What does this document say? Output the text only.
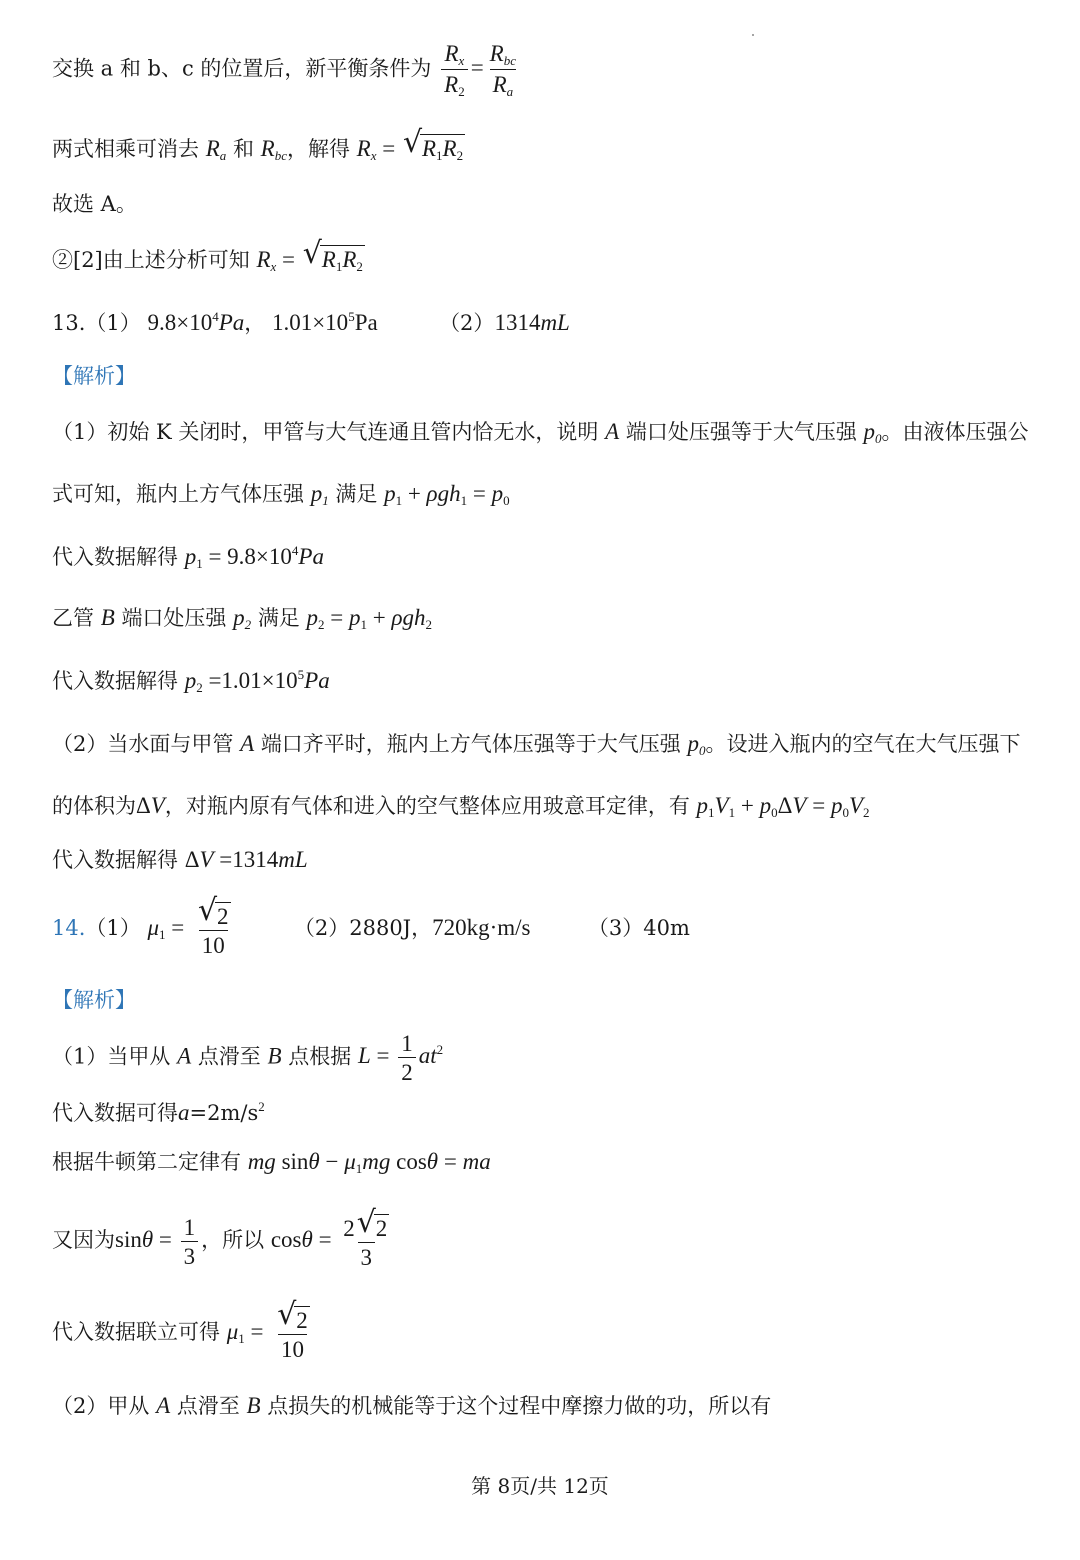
交换 a 和 b、c 的位置后，新平衡条件为 $\frac{R_x}{R_2} = \frac{R_{bc}}{R_a}$
两式相乘可消去 $R_a$ 和 $R_{bc}$，解得 $R_x$ = √ $R_1R_2$
故选 A。
②[2]由上述分析可知 $R_x$ = √ $R_1R_2$
13.（1） $9.8\times 10^4Pa$， $1.01\times 10^5Pa$	（2）1314mL
【解析】
（1）初始 K 关闭时，甲管与大气连通且管内恰无水，说明 A 端口处压强等于大气压强 $p_0$。由液体压强公
式可知，瓶内上方气体压强 $p_1$ 满足 $p_1 + \rho gh_1 = p_0$
代入数据解得 $p_1 = 9.8\times 10^4Pa$
乙管 B 端口处压强 $p_2$ 满足 $p_2 = p_1 + \rho gh_2$
代入数据解得 $p_2 =1.01\times 10^5Pa$
（2）当水面与甲管 A 端口齐平时，瓶内上方气体压强等于大气压强 $p_0$。设进入瓶内的空气在大气压强下
的体积为ΔV，对瓶内原有气体和进入的空气整体应用玻意耳定律，有 $p_1V_1 + p_0\Delta V = p_0V_2$
代入数据解得 ΔV =1314mL
14.（1） $\mu_1$ = √ $\frac{2}{10}$	（2）2880J，720kg·m/s	（3）40m
【解析】
（1）当甲从 A 点滑至 B 点根据 $L = \frac{1}{2} at^2$
代入数据可得$a=2m/s^2$
根据牛顿第二定律有 mg $\sin\theta - \mu_1mg$ cosθ = ma
又因为$\sin\theta = \frac{1}{3}$ ，所以 $\cos\theta = \frac{2 √ 2}{3}$
代入数据联立可得 $\mu_1$ = √ $\frac{2}{10}$
（2）甲从 A 点滑至 B 点损失的机械能等于这个过程中摩擦力做的功，所以有
第 8页/共 12页
